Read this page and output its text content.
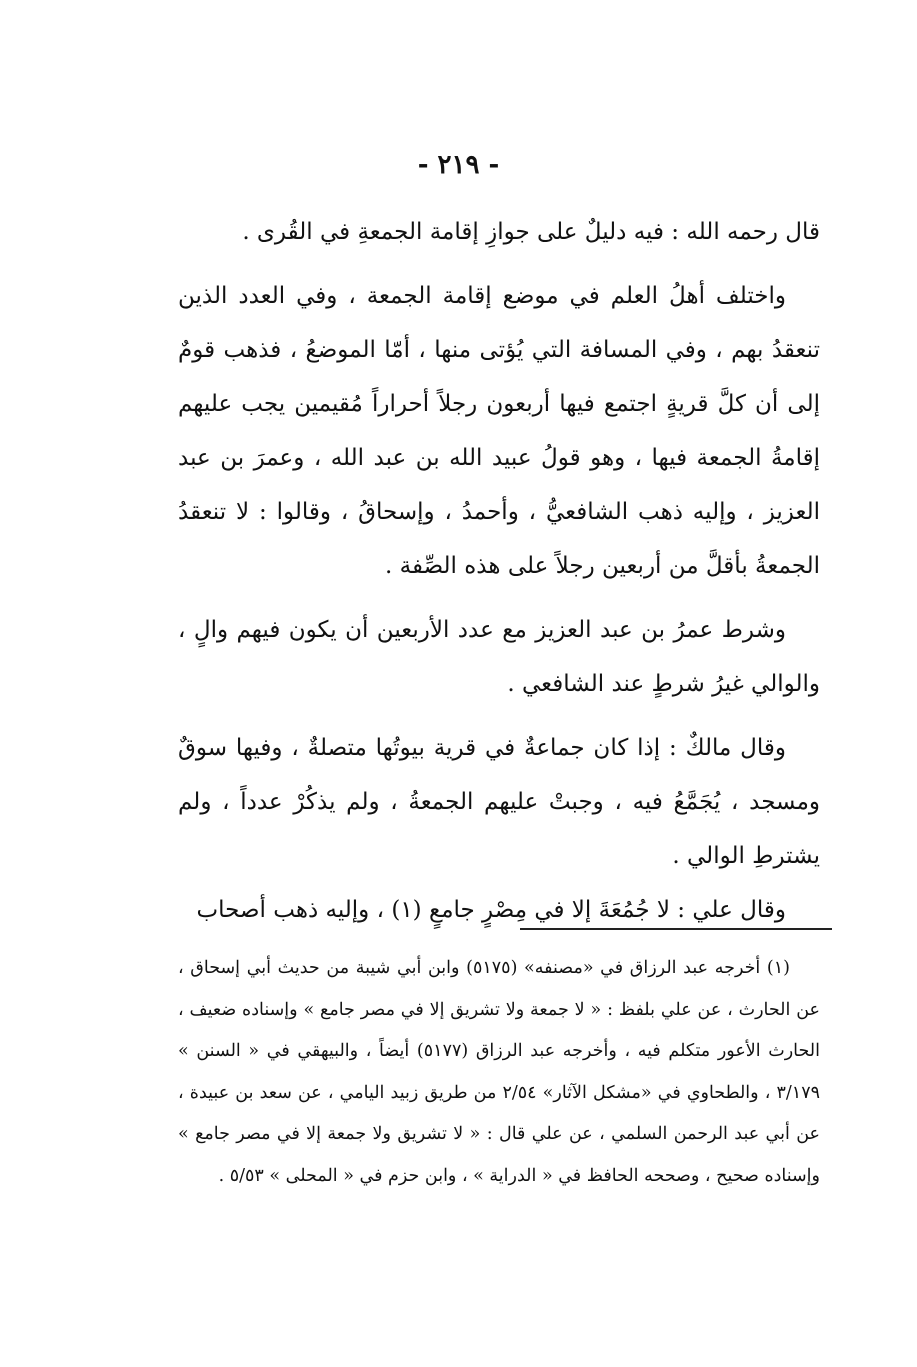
- ٢١٩ -

قال رحمه الله : فيه دليلٌ على جوازِ إقامة الجمعةِ في القُرى .

واختلف أهلُ العلم في موضع إقامة الجمعة ، وفي العدد الذين تنعقدُ بهم ، وفي المسافة التي يُؤتى منها ، أمّا الموضعُ ، فذهب قومٌ إلى أن كلَّ قريةٍ اجتمع فيها أربعون رجلاً أحراراً مُقيمين يجب عليهم إقامةُ الجمعة فيها ، وهو قولُ عبيد الله بن عبد الله ، وعمرَ بن عبد العزيز ، وإليه ذهب الشافعيُّ ، وأحمدُ ، وإسحاقُ ، وقالوا : لا تنعقدُ الجمعةُ بأقلَّ من أربعين رجلاً على هذه الصِّفة .

وشرط عمرُ بن عبد العزيز مع عدد الأربعين أن يكون فيهم والٍ ، والوالي غيرُ شرطٍ عند الشافعي .

وقال مالكٌ : إذا كان جماعةٌ في قرية بيوتُها متصلةٌ ، وفيها سوقٌ ومسجد ، يُجَمَّعُ فيه ، وجبتْ عليهم الجمعةُ ، ولم يذكُرْ عدداً ، ولم يشترطِ الوالي .

وقال علي : لا جُمُعَةَ إلا في مِصْرٍ جامعٍ (١) ، وإليه ذهب أصحاب

(١) أخرجه عبد الرزاق في «مصنفه» (٥١٧٥) وابن أبي شيبة من حديث أبي إسحاق ، عن الحارث ، عن علي بلفظ : « لا جمعة ولا تشريق إلا في مصر جامع » وإسناده ضعيف ، الحارث الأعور متكلم فيه ، وأخرجه عبد الرزاق (٥١٧٧) أيضاً ، والبيهقي في « السنن » ٣/١٧٩ ، والطحاوي في «مشكل الآثار» ٢/٥٤ من طريق زبيد اليامي ، عن سعد بن عبيدة ، عن أبي عبد الرحمن السلمي ، عن علي قال : « لا تشريق ولا جمعة إلا في مصر جامع » وإسناده صحيح ، وصححه الحافظ في « الدراية » ، وابن حزم في « المحلى » ٥/٥٣ .
